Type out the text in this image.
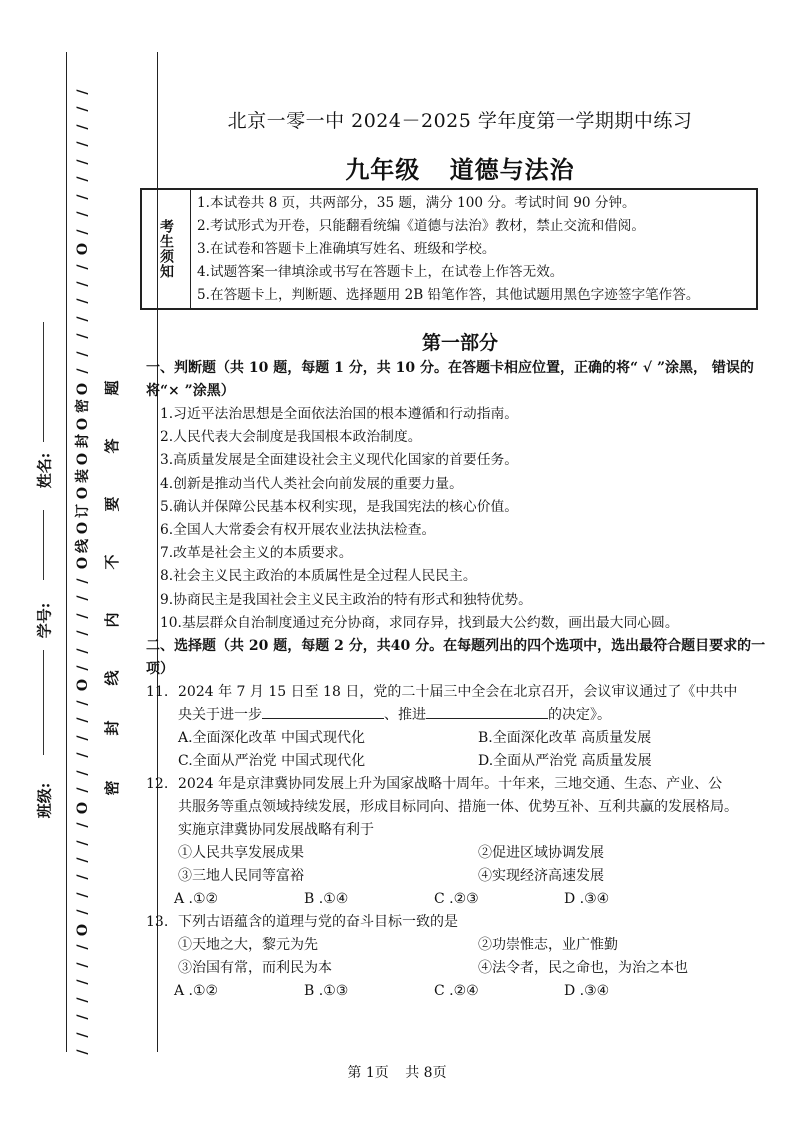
/
/
/
/
/
/
/
/
/
O
/
/
/
/
/
/
/
O
密
O
封
O
装
O
订
O
线
O
/
/
/
/
/
/
O
/
/
/
/
/
/
O
/
/
/
/
/
/
O
/
/
/
/
/
/
/
题
答
要
不
内
线
封
密
姓名:
学号:
班级:
北京一零一中 2024－2025 学年度第一学期期中练习
九年级 道德与法治
考生须知
1.本试卷共 8 页，共两部分，35 题，满分 100 分。考试时间 90 分钟。
2.考试形式为开卷，只能翻看统编《道德与法治》教材，禁止交流和借阅。
3.在试卷和答题卡上准确填写姓名、班级和学校。
4.试题答案一律填涂或书写在答题卡上，在试卷上作答无效。
5.在答题卡上，判断题、选择题用 2B 铅笔作答，其他试题用黑色字迹签字笔作答。
第一部分
一、判断题（共 10 题，每题 1 分，共 10 分。在答题卡相应位置，正确的将“ √ ”涂黑， 错误的将“× ”涂黑）
1.习近平法治思想是全面依法治国的根本遵循和行动指南。
2.人民代表大会制度是我国根本政治制度。
3.高质量发展是全面建设社会主义现代化国家的首要任务。
4.创新是推动当代人类社会向前发展的重要力量。
5.确认并保障公民基本权利实现，是我国宪法的核心价值。
6.全国人大常委会有权开展农业法执法检查。
7.改革是社会主义的本质要求。
8.社会主义民主政治的本质属性是全过程人民民主。
9.协商民主是我国社会主义民主政治的特有形式和独特优势。
10.基层群众自治制度通过充分协商，求同存异，找到最大公约数，画出最大同心圆。
二、选择题（共 20 题，每题 2 分，共40 分。在每题列出的四个选项中，选出最符合题目要求的一项）
11. 2024 年 7 月 15 日至 18 日，党的二十届三中全会在北京召开，会议审议通过了《中共中
央关于进一步	、推进	的决定》。
A.全面深化改革 中国式现代化	B.全面深化改革 高质量发展
C.全面从严治党 中国式现代化	D.全面从严治党 高质量发展
12. 2024 年是京津冀协同发展上升为国家战略十周年。十年来，三地交通、生态、产业、公
共服务等重点领域持续发展，形成目标同向、措施一体、优势互补、互利共赢的发展格局。
实施京津冀协同发展战略有利于
①人民共享发展成果	②促进区域协调发展
③三地人民同等富裕	④实现经济高速发展
A .①②	B .①④	C .②③	D .③④
13. 下列古语蕴含的道理与党的奋斗目标一致的是
①天地之大，黎元为先	②功崇惟志，业广惟勤
③治国有常，而利民为本	④法令者，民之命也，为治之本也
A .①②	B .①③	C .②④	D .③④
第 1页 共 8页
